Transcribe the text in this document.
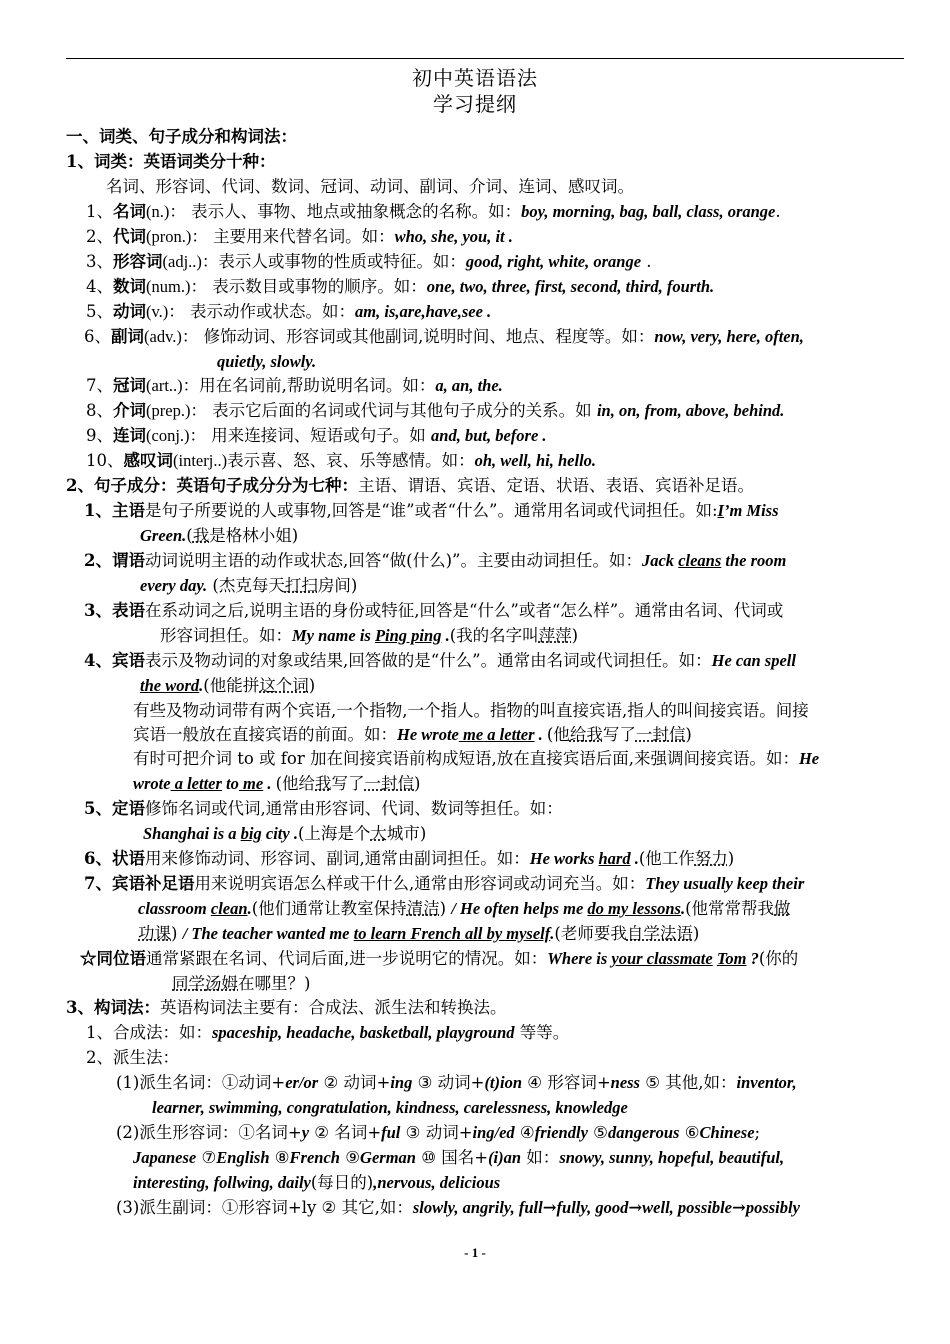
初中英语语法
学习提纲
一、词类、句子成分和构词法：
1、词类：英语词类分十种：
名词、形容词、代词、数词、冠词、动词、副词、介词、连词、感叹词。
1、名词(n.)： 表示人、事物、地点或抽象概念的名称。如：boy, morning, bag, ball, class, orange.
2、代词(pron.)： 主要用来代替名词。如：who, she, you, it .
3、形容词(adj..)：表示人或事物的性质或特征。如：good, right, white, orange .
4、数词(num.)： 表示数目或事物的顺序。如：one, two, three, first, second, third, fourth.
5、动词(v.)： 表示动作或状态。如：am, is,are,have,see .
6、副词(adv.)： 修饰动词、形容词或其他副词,说明时间、地点、程度等。如：now, very, here, often,
quietly, slowly.
7、冠词(art..)：用在名词前,帮助说明名词。如：a, an, the.
8、介词(prep.)： 表示它后面的名词或代词与其他句子成分的关系。如 in, on, from, above, behind.
9、连词(conj.)： 用来连接词、短语或句子。如 and, but, before .
10、感叹词(interj..)表示喜、怒、哀、乐等感情。如：oh, well, hi, hello.
2、句子成分：英语句子成分分为七种：主语、谓语、宾语、定语、状语、表语、宾语补足语。
1、主语是句子所要说的人或事物,回答是“谁”或者“什么”。通常用名词或代词担任。如:I’m Miss
Green.(我是格林小姐)
2、谓语动词说明主语的动作或状态,回答“做(什么)”。主要由动词担任。如：Jack cleans the room
every day. (杰克每天打扫房间)
3、表语在系动词之后,说明主语的身份或特征,回答是“什么”或者“怎么样”。通常由名词、代词或
形容词担任。如：My name is Ping ping .(我的名字叫萍萍)
4、宾语表示及物动词的对象或结果,回答做的是“什么”。通常由名词或代词担任。如：He can spell
the word.(他能拼这个词)
有些及物动词带有两个宾语,一个指物,一个指人。指物的叫直接宾语,指人的叫间接宾语。间接
宾语一般放在直接宾语的前面。如：He wrote me a letter . (他给我写了一封信)
有时可把介词 to 或 for 加在间接宾语前构成短语,放在直接宾语后面,来强调间接宾语。如：He
wrote a letter to me . (他给我写了一封信)
5、定语修饰名词或代词,通常由形容词、代词、数词等担任。如：
Shanghai is a big city .(上海是个大城市)
6、状语用来修饰动词、形容词、副词,通常由副词担任。如：He works hard .(他工作努力)
7、宾语补足语用来说明宾语怎么样或干什么,通常由形容词或动词充当。如：They usually keep their
classroom clean.(他们通常让教室保持清洁) / He often helps me do my lessons.(他常常帮我做
功课) / The teacher wanted me to learn French all by myself.(老师要我自学法语)
☆同位语通常紧跟在名词、代词后面,进一步说明它的情况。如：Where is your classmate Tom ?(你的
同学汤姆在哪里？)
3、构词法：英语构词法主要有：合成法、派生法和转换法。
1、合成法：如：spaceship, headache, basketball, playground 等等。
2、派生法：
(1)派生名词：①动词+er/or ② 动词+ing ③ 动词+(t)ion ④ 形容词+ness ⑤ 其他,如：inventor,
learner, swimming, congratulation, kindness, carelessness, knowledge
(2)派生形容词：①名词+y ② 名词+ful ③ 动词+ing/ed ④friendly ⑤dangerous ⑥Chinese;
Japanese ⑦English ⑧French ⑨German ⑩ 国名+(i)an 如：snowy, sunny, hopeful, beautiful,
interesting, follwing, daily(每日的),nervous, delicious
(3)派生副词：①形容词+ly ② 其它,如：slowly, angrily, full→fully, good→well, possible→possibly
- 1 -
